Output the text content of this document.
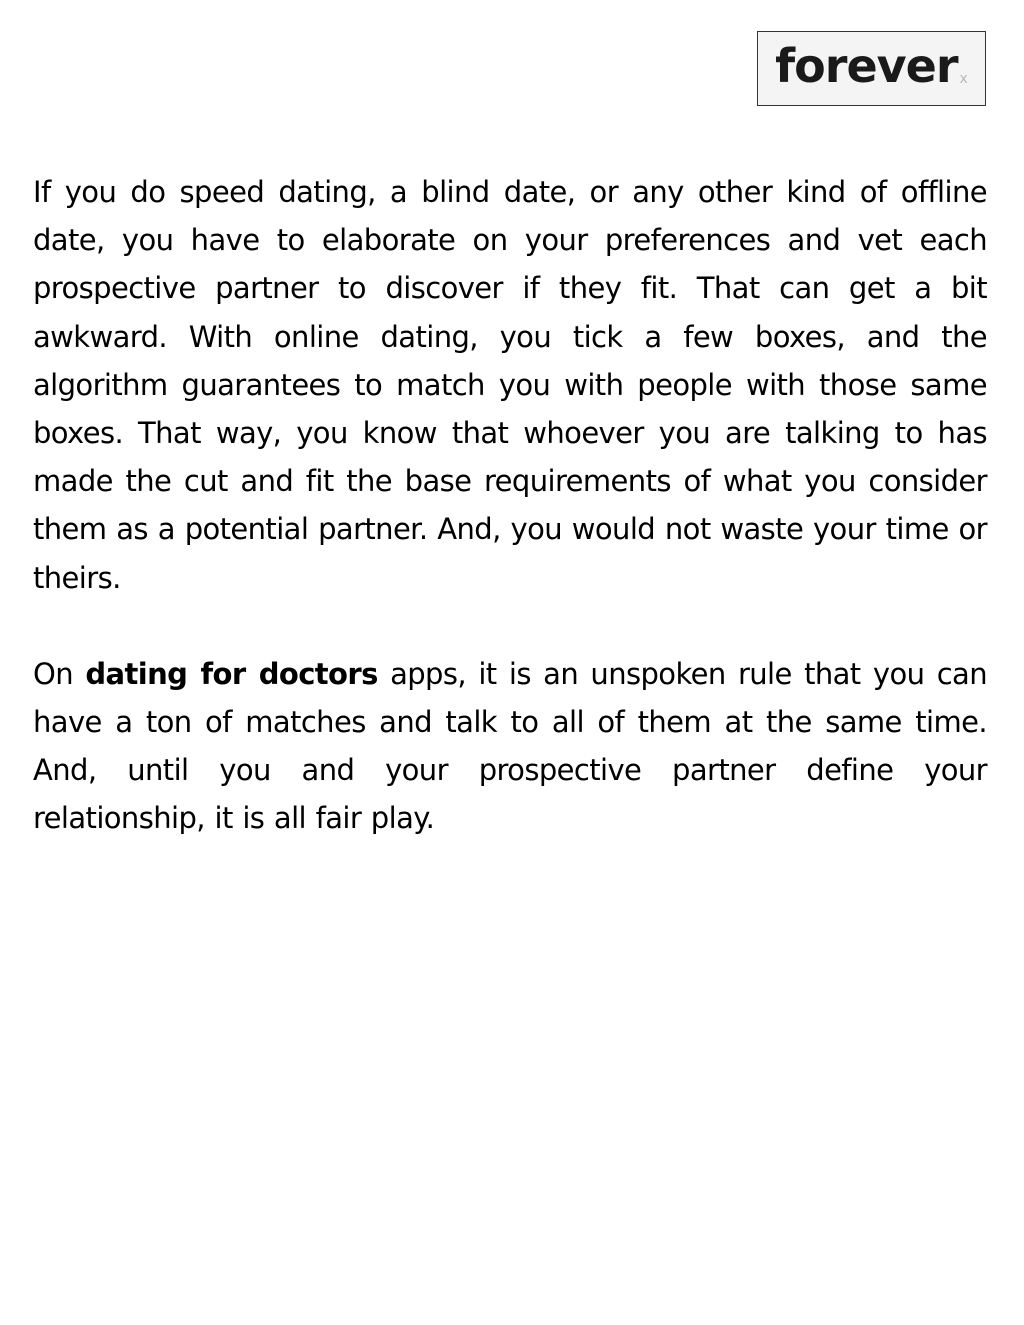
forever x

If you do speed dating, a blind date, or any other kind of offline date, you have to elaborate on your preferences and vet each prospective partner to discover if they fit. That can get a bit awkward. With online dating, you tick a few boxes, and the algorithm guarantees to match you with people with those same boxes. That way, you know that whoever you are talking to has made the cut and fit the base requirements of what you consider them as a potential partner. And, you would not waste your time or theirs.

On dating for doctors apps, it is an unspoken rule that you can have a ton of matches and talk to all of them at the same time. And, until you and your prospective partner define your relationship, it is all fair play.
